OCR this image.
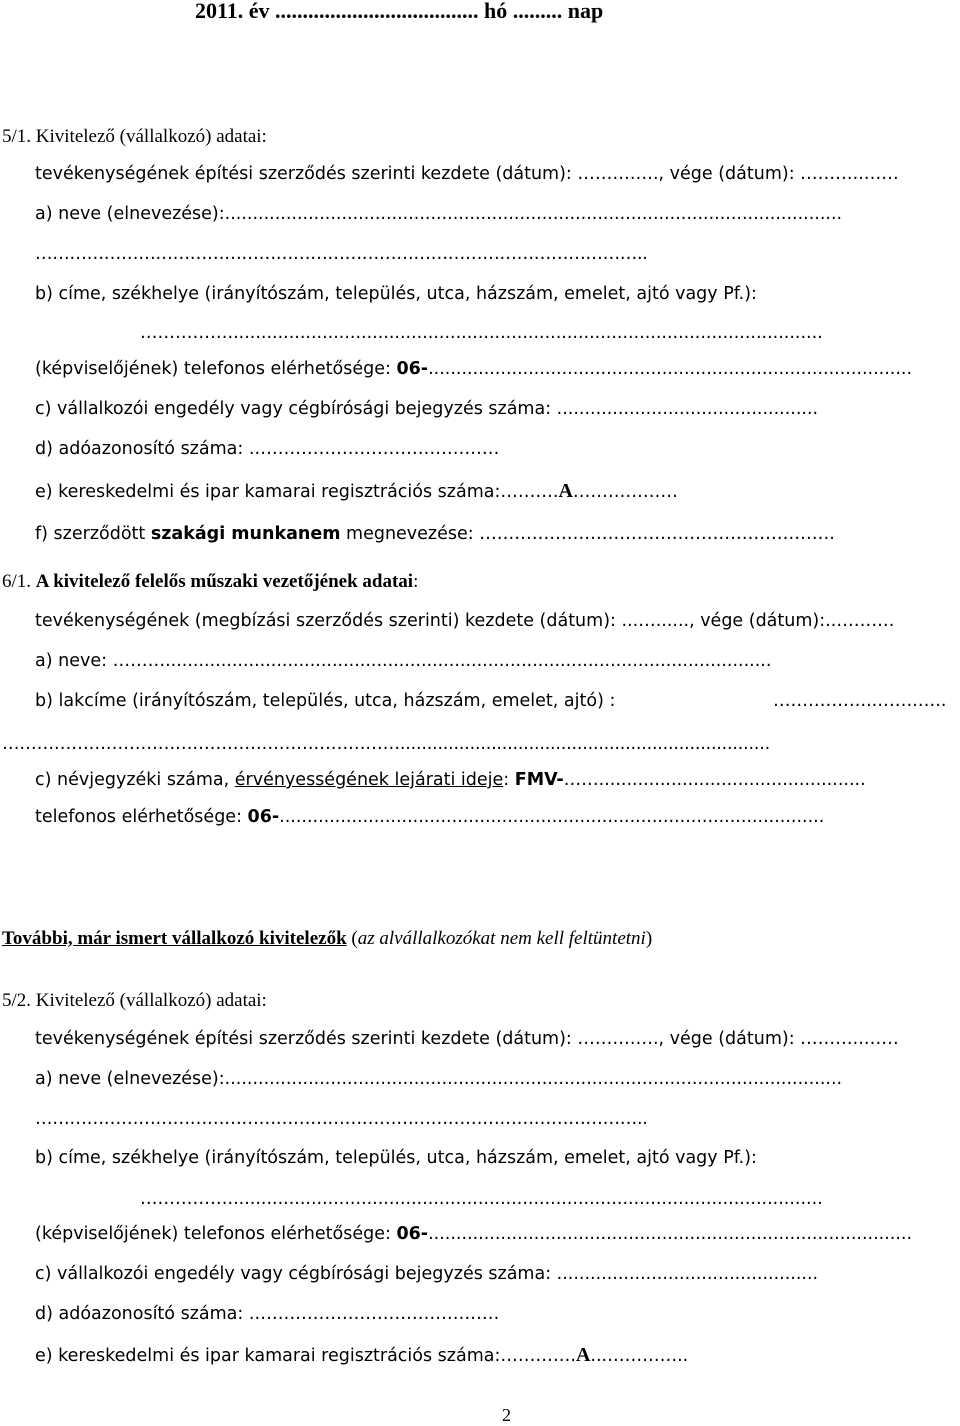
2011. év ..................................... hó ......... nap
5/1. Kivitelező (vállalkozó) adatai:
tevékenységének építési szerződés szerinti kezdete (dátum): ……….…., vége (dátum): ………..……
a) neve (elnevezése):...............................................................................................................
……………………………………………………………………………………………..
b) címe, székhelye (irányítószám, település, utca, házszám, emelet, ajtó vagy Pf.):
……………...........................................................................................................
(képviselőjének) telefonos elérhetősége: 06-.......................................................................................
c) vállalkozói engedély vagy cégbírósági bejegyzés száma: ...............................................
d) adóazonosító száma: .……………………………………
e) kereskedelmi és ipar kamarai regisztrációs száma:……….A………………
f) szerződött szakági munkanem megnevezése: …………………………………………………….
6/1. A kivitelező felelős műszaki vezetőjének adatai:
tevékenységének (megbízási szerződés szerinti) kezdete (dátum): ...…......, vége (dátum):..……….
a) neve: ……….............................................................................................................
b) lakcíme (irányítószám, település, utca, házszám, emelet, ajtó) :	……………...…….…..
…………………………………………………………….....................................................................
c) névjegyzéki száma, érvényességének lejárati ideje: FMV-……................................................
telefonos elérhetősége: 06-..................................................................................................
További, már ismert vállalkozó kivitelezők (az alvállalkozókat nem kell feltüntetni)
5/2. Kivitelező (vállalkozó) adatai:
tevékenységének építési szerződés szerinti kezdete (dátum): ……….…., vége (dátum): ………..……
a) neve (elnevezése):...............................................................................................................
……………………………………………………………………………………………..
b) címe, székhelye (irányítószám, település, utca, házszám, emelet, ajtó vagy Pf.):
……………...........................................................................................................
(képviselőjének) telefonos elérhetősége: 06-.......................................................................................
c) vállalkozói engedély vagy cégbírósági bejegyzés száma: ...............................................
d) adóazonosító száma: .……………………………………
e) kereskedelmi és ipar kamarai regisztrációs száma:………….A...…………..
2
